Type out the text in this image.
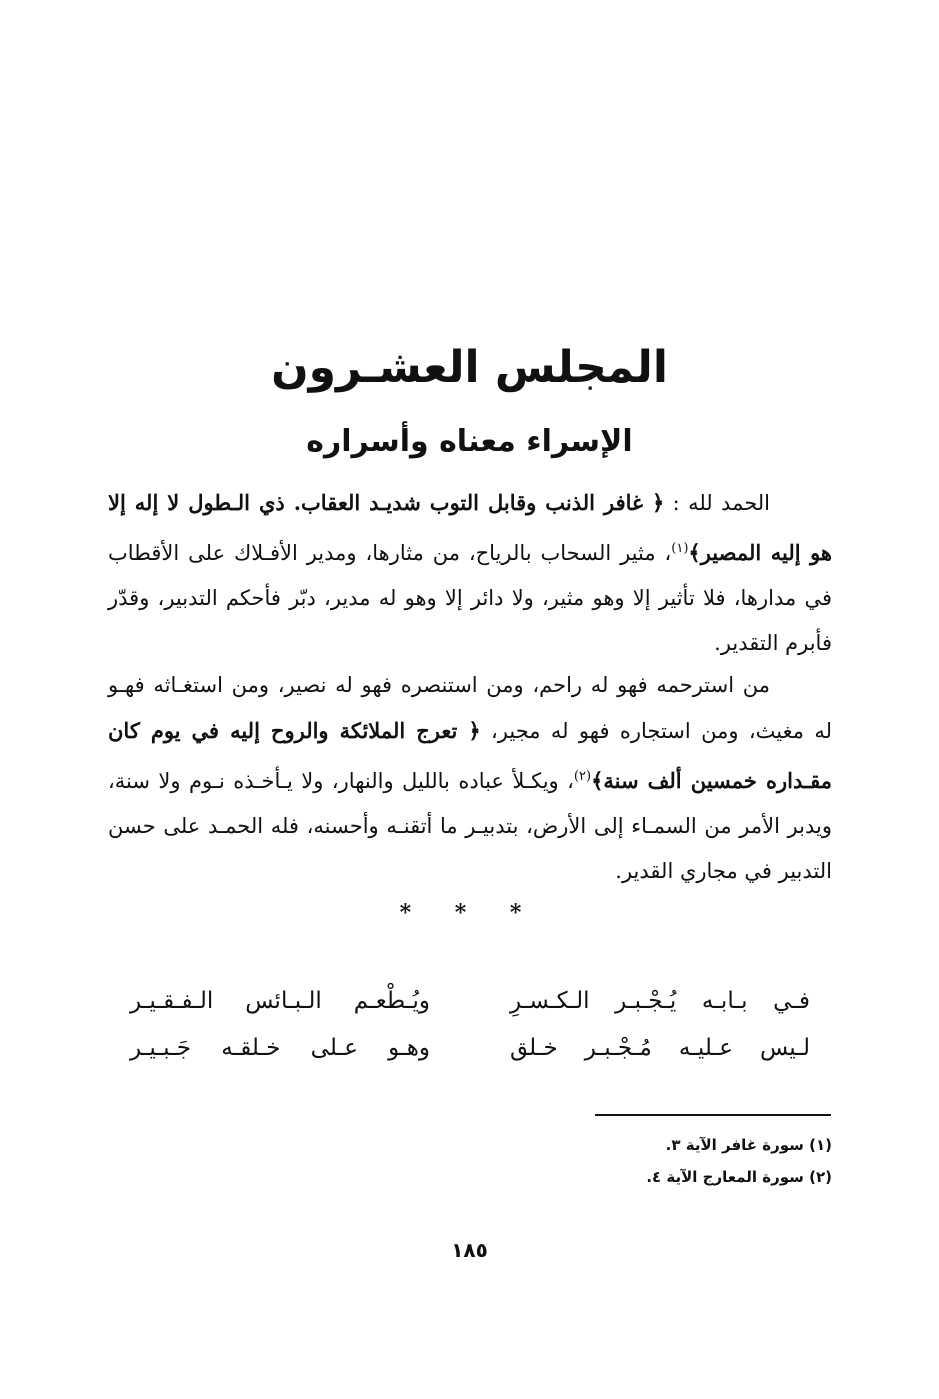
المجلس العشـرون
الإسراء معناه وأسراره

الحمد لله : ﴿ غافر الذنب وقابل التوب شديـد العقاب. ذي الـطول لا إله إلا هو إليه المصير﴾$^{(١)}$، مثير السحاب بالرياح، من مثارها، ومدير الأفـلاك على الأقطاب في مدارها، فلا تأثير إلا وهو مثير، ولا دائر إلا وهو له مدير، دبّر فأحكم التدبير، وقدّر فأبرم التقدير.

من استرحمه فهو له راحم، ومن استنصره فهو له نصير، ومن استغـاثه فهـو له مغيث، ومن استجاره فهو له مجير، ﴿ تعرج الملائكة والروح إليه في يوم كان مقـداره خمسين ألف سنة﴾$^{(٢)}$، ويكـلأ عباده بالليل والنهار، ولا يـأخـذه نـوم ولا سنة، ويدبر الأمر من السمـاء إلى الأرض، بتدبيـر ما أتقنـه وأحسنه، فله الحمـد على حسن التدبير في مجاري القدير.

* * *
فـي بـابـه يُـجْـبـر الـكـسـرِ
ويُـطْعـم الـبـائس الـفـقـيـر
لـيس عـليـه مُـجْـبـر خـلق
وهـو عـلى خـلقـه جَـبـيـر
(١) سورة غافر الآية ٣.
(٢) سورة المعارج الآية ٤.
١٨٥
